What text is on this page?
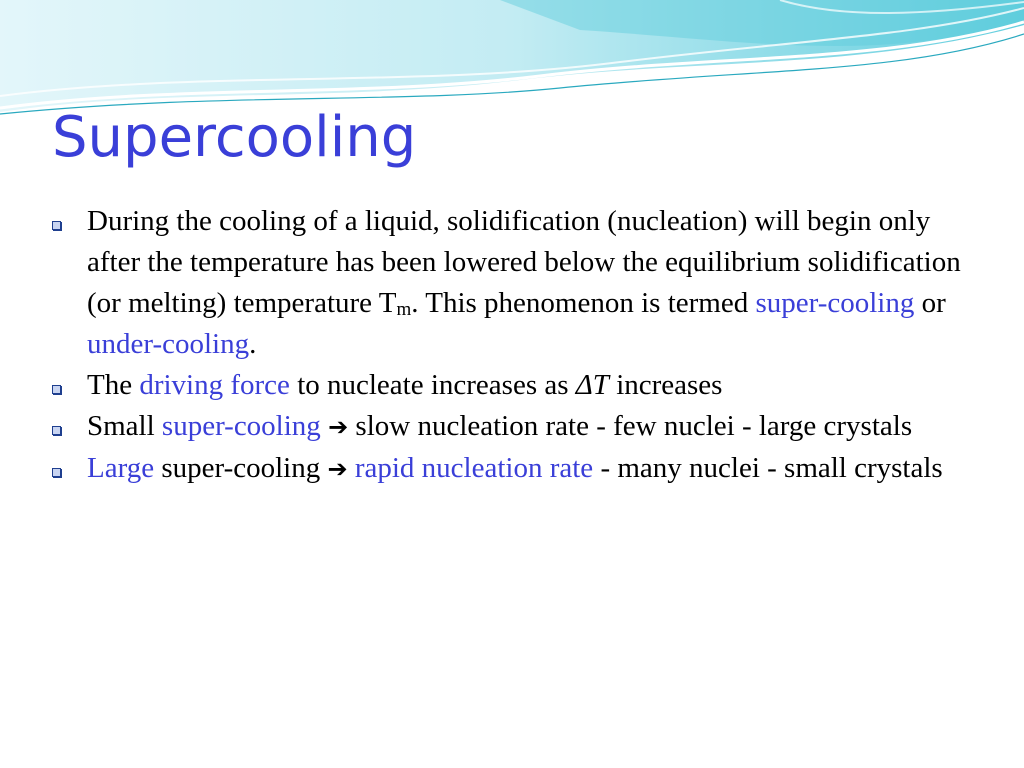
Supercooling
During the cooling of a liquid, solidification (nucleation) will begin only after the temperature has been lowered below the equilibrium solidification (or melting) temperature $T_m$. This phenomenon is termed super-cooling or under-cooling.
The driving force to nucleate increases as ΔT increases
Small super-cooling ➔ slow nucleation rate - few nuclei - large crystals
Large super-cooling ➔ rapid nucleation rate - many nuclei - small crystals
